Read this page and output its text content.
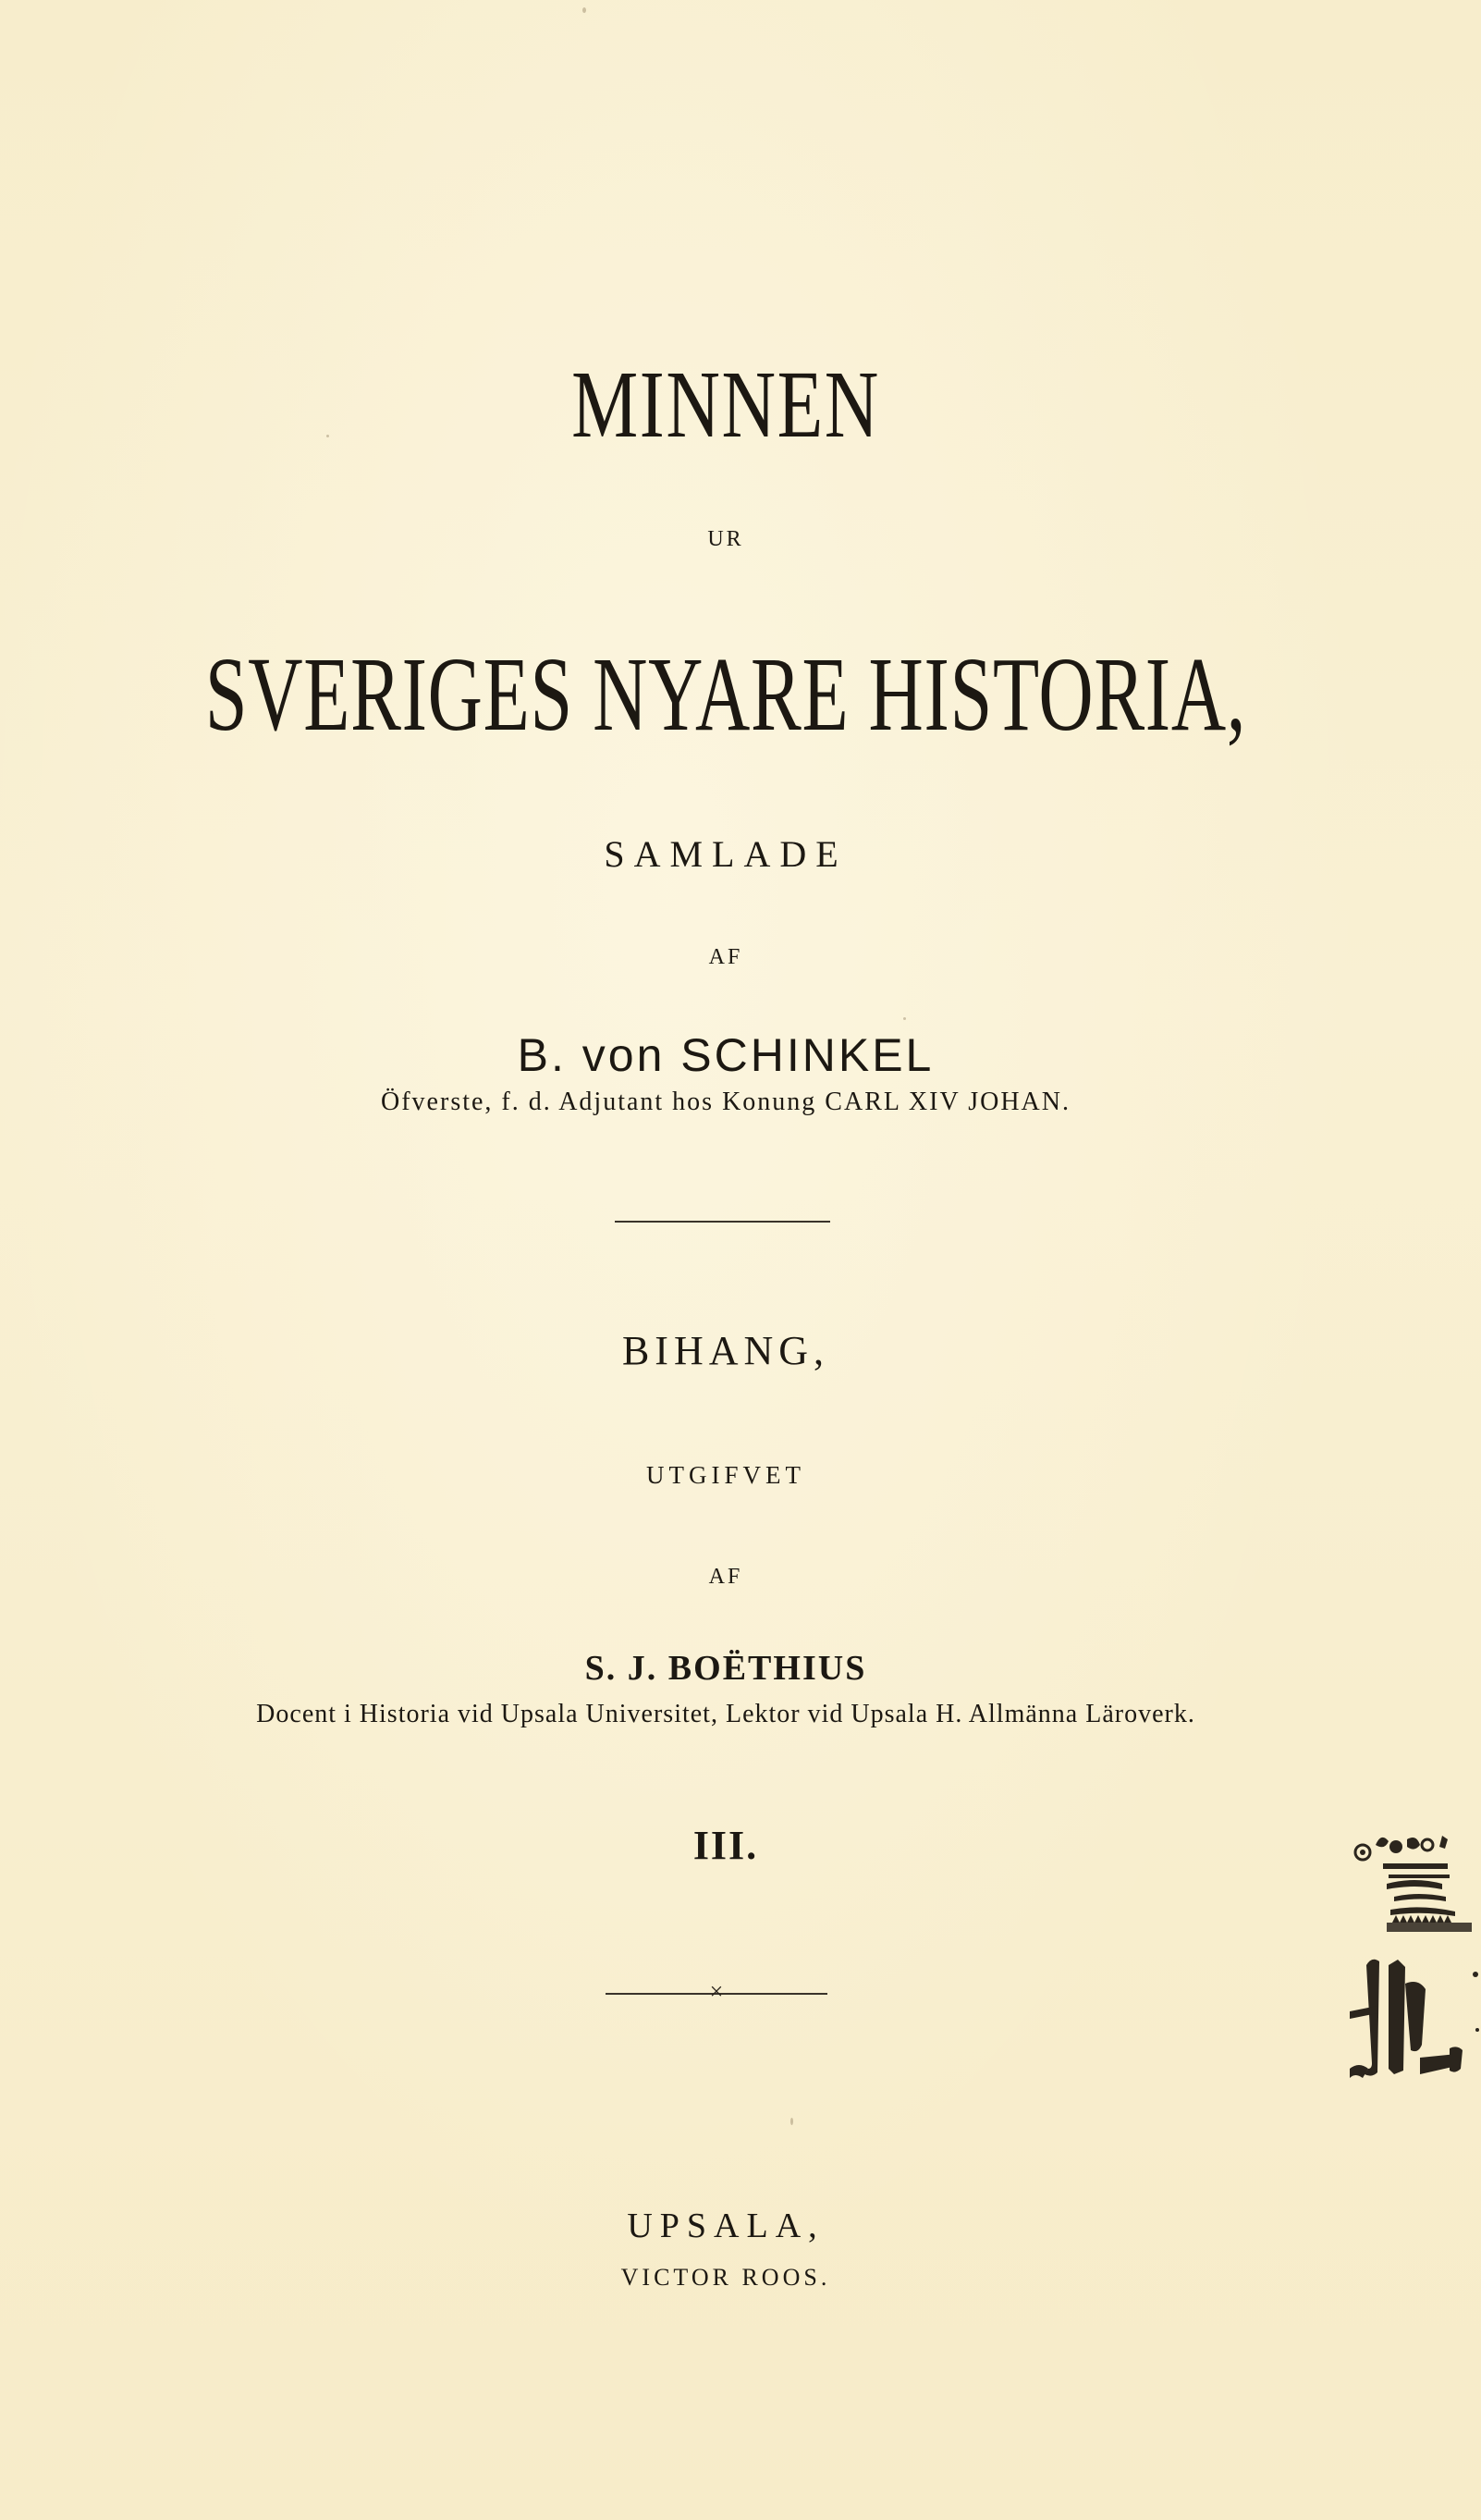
MINNEN
UR
SVERIGES NYARE HISTORIA,
SAMLADE
AF
B. von SCHINKEL
Öfverste, f. d. Adjutant hos Konung CARL XIV JOHAN.
BIHANG,
UTGIFVET
AF
S. J. BOËTHIUS
Docent i Historia vid Upsala Universitet, Lektor vid Upsala H. Allmänna Läroverk.
III.
×
UPSALA,
VICTOR ROOS.
